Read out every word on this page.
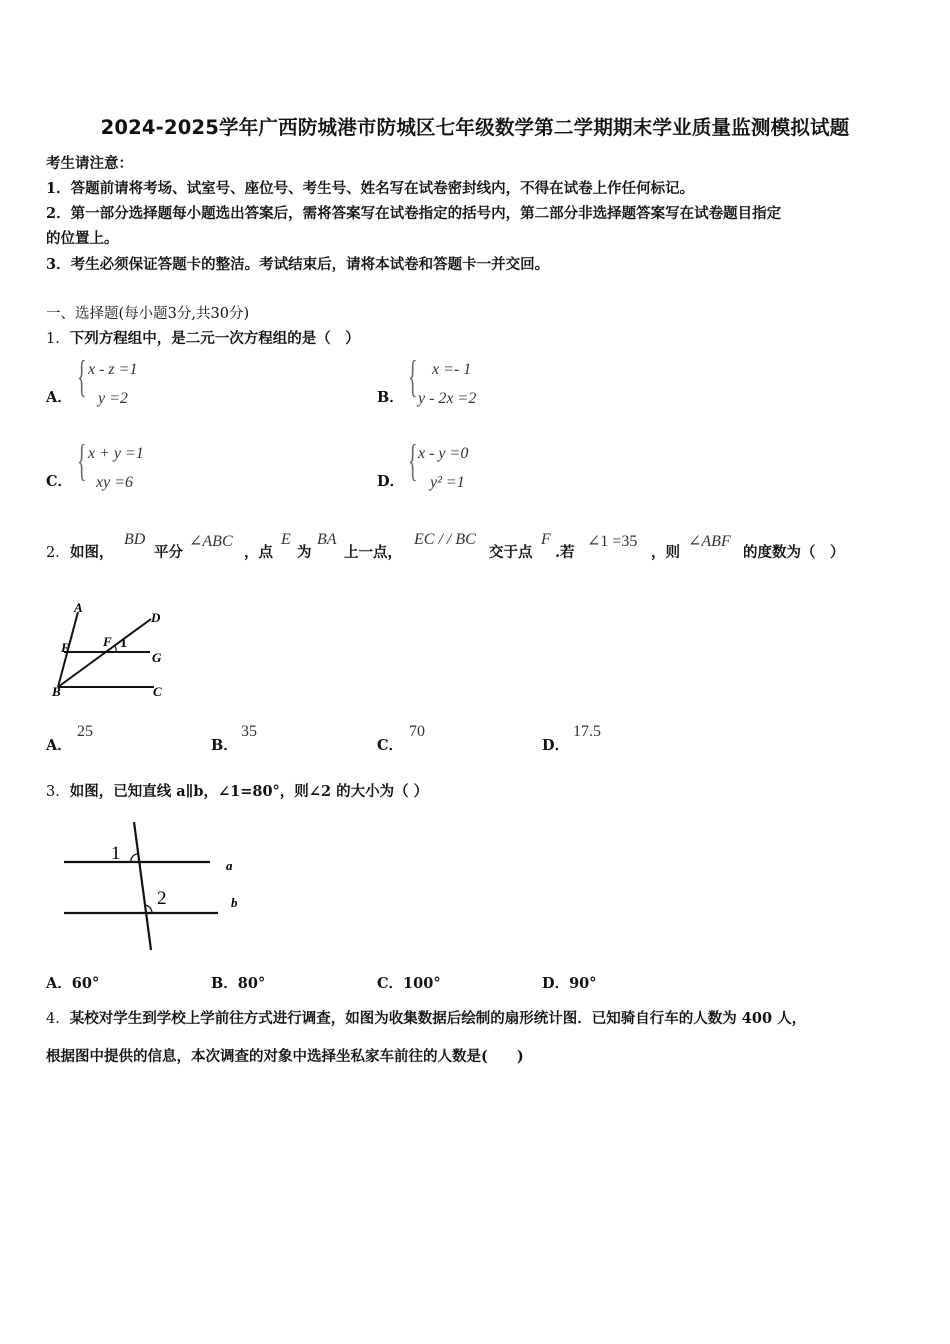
2024-2025学年广西防城港市防城区七年级数学第二学期期末学业质量监测模拟试题
考生请注意：
1．答题前请将考场、试室号、座位号、考生号、姓名写在试卷密封线内，不得在试卷上作任何标记。
2．第一部分选择题每小题选出答案后，需将答案写在试卷指定的括号内，第二部分非选择题答案写在试卷题目指定
的位置上。
3．考生必须保证答题卡的整洁。考试结束后，请将本试卷和答题卡一并交回。
一、选择题(每小题3分,共30分)
1．下列方程组中，是二元一次方程组的是（　）
A． { x - z =1
y =2	B． { x =- 1
y - 2x =2
C． { x + y =1
xy =6	D． { x - y =0
y² =1
2． 如图，
BD
平分
∠ABC
，点
E
为
BA
上一点，
EC / / BC
交于点
F
.若
∠1 =35
，则
∠ABF
的度数为（　）
A
E	F 1
D
G
B	C
A．
25
B．
35
C．
70
D．
17.5
3．如图，已知直线 a∥b，∠1=80°，则∠2 的大小为（ ）
1
2
a
b
A．60°	B．80°	C．100°	D．90°
4．某校对学生到学校上学前往方式进行调查，如图为收集数据后绘制的扇形统计图．已知骑自行车的人数为 400 人，
根据图中提供的信息，本次调查的对象中选择坐私家车前往的人数是(　　)
